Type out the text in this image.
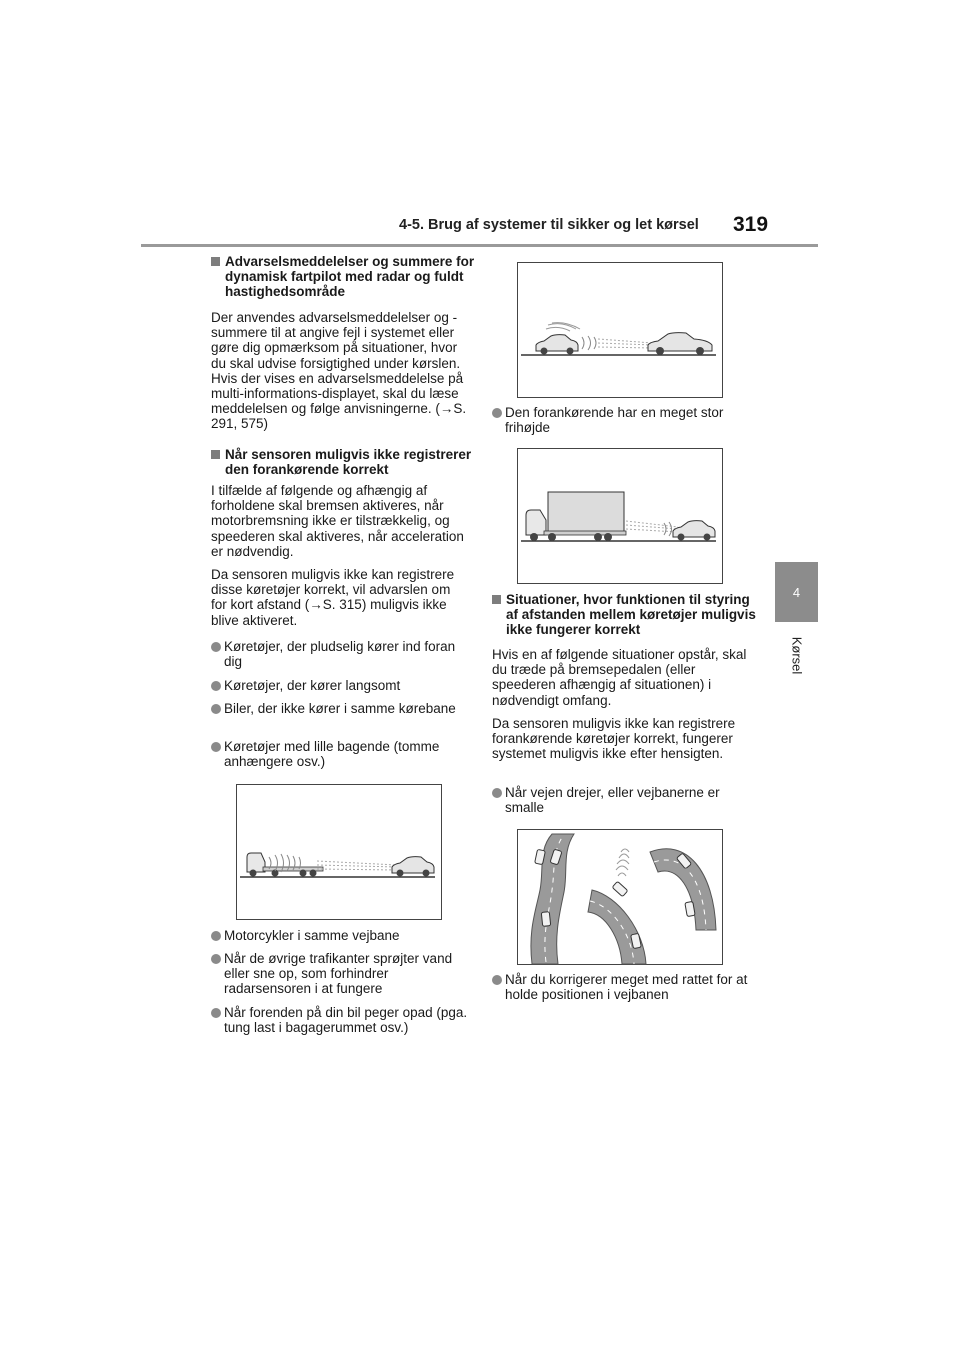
4-5. Brug af systemer til sikker og let kørsel 319
4
Kørsel
Advarselsmeddelelser og summere for dynamisk fartpilot med radar og fuldt hastighedsområde
Der anvendes advarselsmeddelelser og -summere til at angive fejl i systemet eller gøre dig opmærksom på situationer, hvor du skal udvise forsigtighed under kørslen. Hvis der vises en advarselsmeddelelse på multi-informations-displayet, skal du læse meddelelsen og følge anvisningerne. (→S. 291, 575)
Når sensoren muligvis ikke registrerer den forankørende korrekt
I tilfælde af følgende og afhængig af forholdene skal bremsen aktiveres, når motorbremsning ikke er tilstrækkelig, og speederen skal aktiveres, når acceleration er nødvendig.
Da sensoren muligvis ikke kan registrere disse køretøjer korrekt, vil advarslen om for kort afstand (→S. 315) muligvis ikke blive aktiveret.
Køretøjer, der pludselig kører ind foran dig
Køretøjer, der kører langsomt
Biler, der ikke kører i samme kørebane
Køretøjer med lille bagende (tomme anhængere osv.)
Motorcykler i samme vejbane
Når de øvrige trafikanter sprøjter vand eller sne op, som forhindrer radarsensoren i at fungere
Når forenden på din bil peger opad (pga. tung last i bagagerummet osv.)
Den forankørende har en meget stor frihøjde
Situationer, hvor funktionen til styring af afstanden mellem køretøjer muligvis ikke fungerer korrekt
Hvis en af følgende situationer opstår, skal du træde på bremsepedalen (eller speederen afhængig af situationen) i nødvendigt omfang.
Da sensoren muligvis ikke kan registrere forankørende køretøjer korrekt, fungerer systemet muligvis ikke efter hensigten.
Når vejen drejer, eller vejbanerne er smalle
Når du korrigerer meget med rattet for at holde positionen i vejbanen
